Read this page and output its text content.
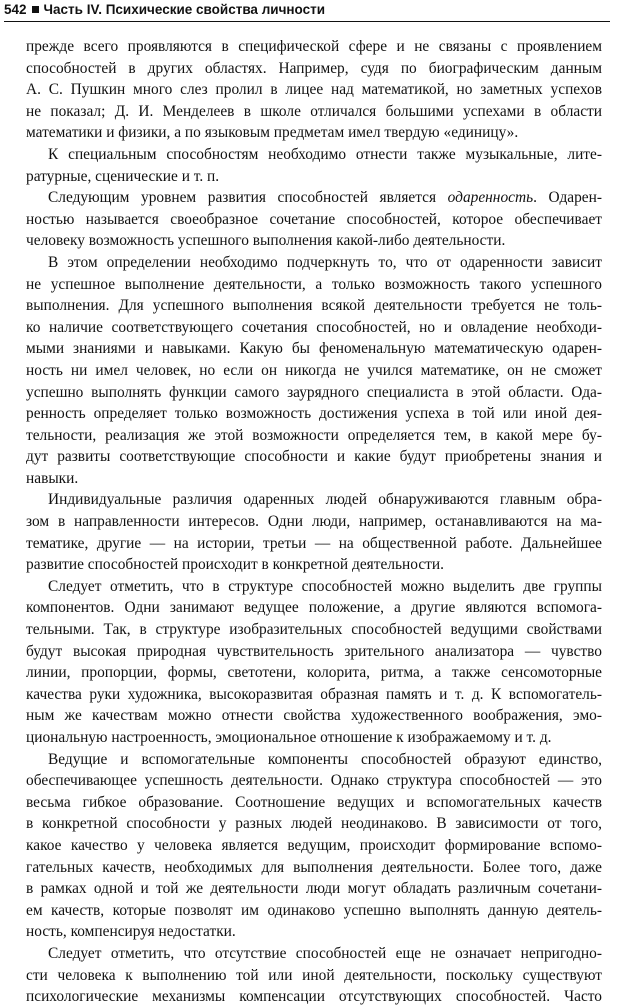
542 Часть IV. Психические свойства личности
прежде всего проявляются в специфической сфере и не связаны с проявлением
способностей в других областях. Например, судя по биографическим данным
А. С. Пушкин много слез пролил в лицее над математикой, но заметных успехов
не показал; Д. И. Менделеев в школе отличался большими успехами в области
математики и физики, а по языковым предметам имел твердую «единицу».
К специальным способностям необходимо отнести также музыкальные, лите-
ратурные, сценические и т. п.
Следующим уровнем развития способностей является одаренность. Одарен-
ностью называется своеобразное сочетание способностей, которое обеспечивает
человеку возможность успешного выполнения какой-либо деятельности.
В этом определении необходимо подчеркнуть то, что от одаренности зависит
не успешное выполнение деятельности, а только возможность такого успешного
выполнения. Для успешного выполнения всякой деятельности требуется не толь-
ко наличие соответствующего сочетания способностей, но и овладение необходи-
мыми знаниями и навыками. Какую бы феноменальную математическую одарен-
ность ни имел человек, но если он никогда не учился математике, он не сможет
успешно выполнять функции самого заурядного специалиста в этой области. Ода-
ренность определяет только возможность достижения успеха в той или иной дея-
тельности, реализация же этой возможности определяется тем, в какой мере бу-
дут развиты соответствующие способности и какие будут приобретены знания и
навыки.
Индивидуальные различия одаренных людей обнаруживаются главным обра-
зом в направленности интересов. Одни люди, например, останавливаются на ма-
тематике, другие — на истории, третьи — на общественной работе. Дальнейшее
развитие способностей происходит в конкретной деятельности.
Следует отметить, что в структуре способностей можно выделить две группы
компонентов. Одни занимают ведущее положение, а другие являются вспомога-
тельными. Так, в структуре изобразительных способностей ведущими свойствами
будут высокая природная чувствительность зрительного анализатора — чувство
линии, пропорции, формы, светотени, колорита, ритма, а также сенсомоторные
качества руки художника, высокоразвитая образная память и т. д. К вспомогатель-
ным же качествам можно отнести свойства художественного воображения, эмо-
циональную настроенность, эмоциональное отношение к изображаемому и т. д.
Ведущие и вспомогательные компоненты способностей образуют единство,
обеспечивающее успешность деятельности. Однако структура способностей — это
весьма гибкое образование. Соотношение ведущих и вспомогательных качеств
в конкретной способности у разных людей неодинаково. В зависимости от того,
какое качество у человека является ведущим, происходит формирование вспомо-
гательных качеств, необходимых для выполнения деятельности. Более того, даже
в рамках одной и той же деятельности люди могут обладать различным сочетани-
ем качеств, которые позволят им одинаково успешно выполнять данную деятель-
ность, компенсируя недостатки.
Следует отметить, что отсутствие способностей еще не означает непригодно-
сти человека к выполнению той или иной деятельности, поскольку существуют
психологические механизмы компенсации отсутствующих способностей. Часто
